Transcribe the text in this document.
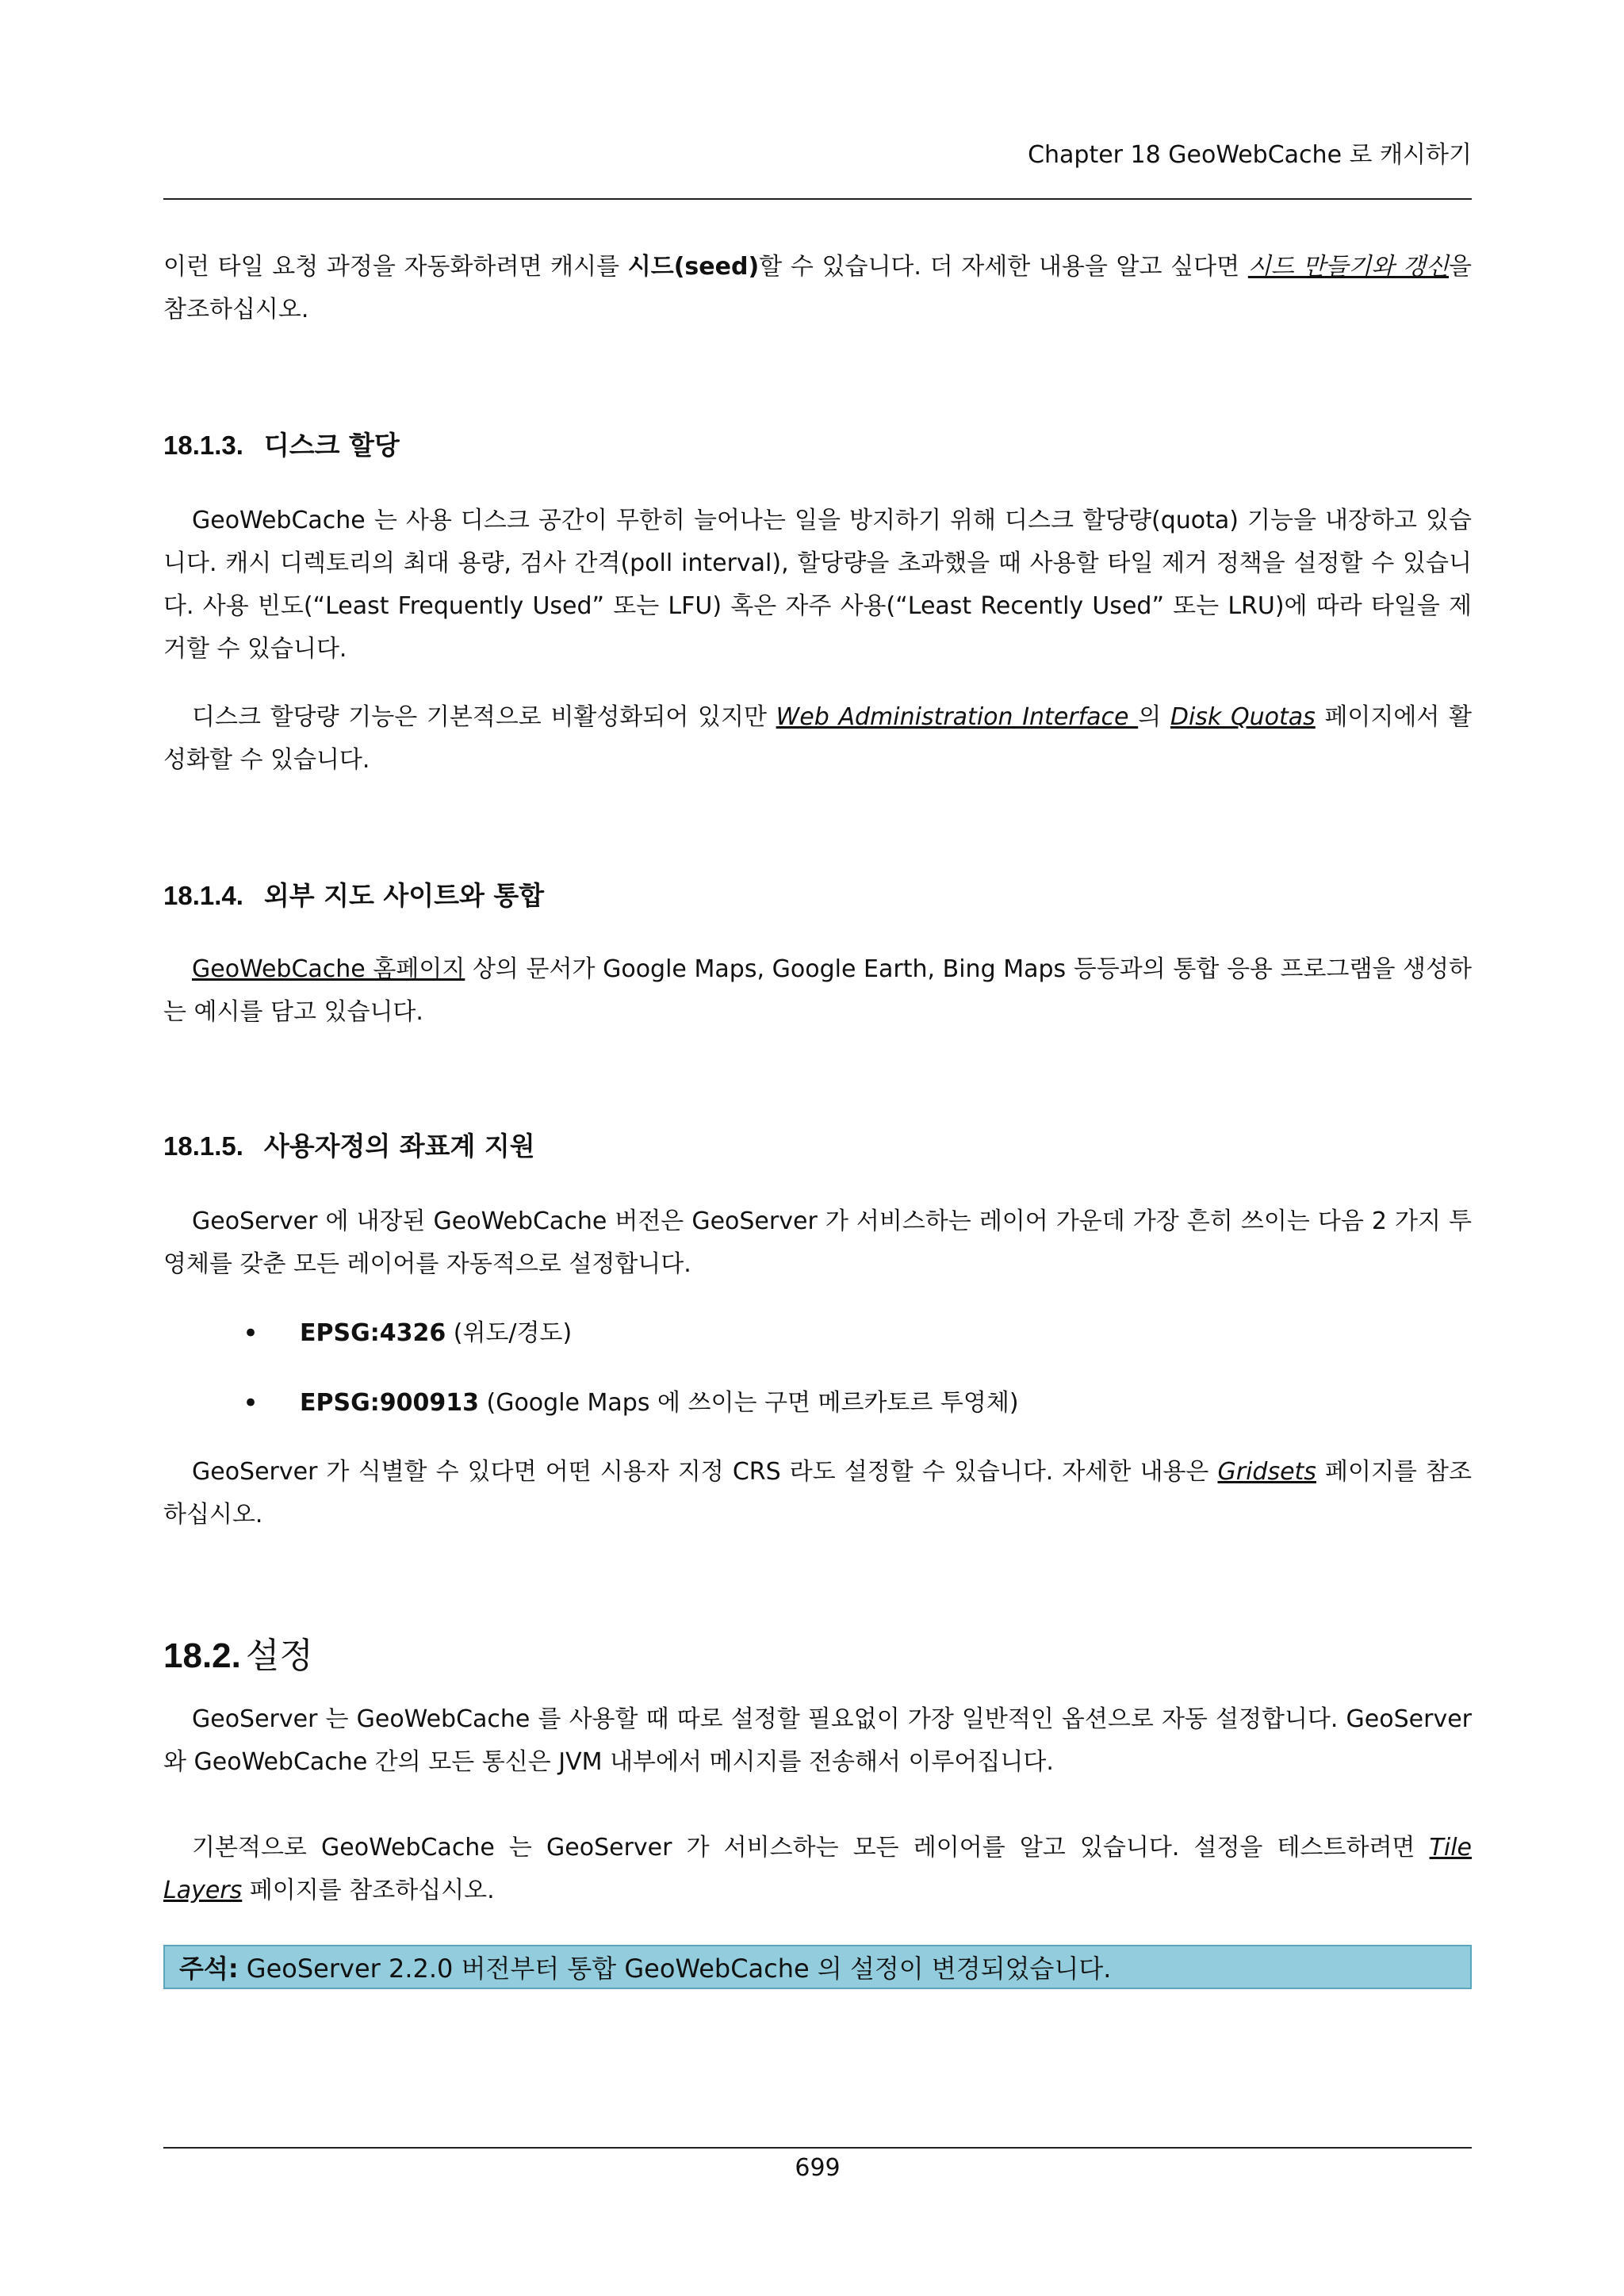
Chapter 18 GeoWebCache 로 캐시하기

이런 타일 요청 과정을 자동화하려면 캐시를 시드(seed)할 수 있습니다. 더 자세한 내용을 알고 싶다면 시드 만들기와 갱신을 참조하십시오.

18.1.3. 디스크 할당

GeoWebCache 는 사용 디스크 공간이 무한히 늘어나는 일을 방지하기 위해 디스크 할당량(quota) 기능을 내장하고 있습니다. 캐시 디렉토리의 최대 용량, 검사 간격(poll interval), 할당량을 초과했을 때 사용할 타일 제거 정책을 설정할 수 있습니다. 사용 빈도(“Least Frequently Used” 또는 LFU) 혹은 자주 사용(“Least Recently Used” 또는 LRU)에 따라 타일을 제거할 수 있습니다.

디스크 할당량 기능은 기본적으로 비활성화되어 있지만 Web Administration Interface 의 Disk Quotas 페이지에서 활성화할 수 있습니다.

18.1.4. 외부 지도 사이트와 통합

GeoWebCache 홈페이지 상의 문서가 Google Maps, Google Earth, Bing Maps 등등과의 통합 응용 프로그램을 생성하는 예시를 담고 있습니다.

18.1.5. 사용자정의 좌표계 지원

GeoServer 에 내장된 GeoWebCache 버전은 GeoServer 가 서비스하는 레이어 가운데 가장 흔히 쓰이는 다음 2 가지 투영체를 갖춘 모든 레이어를 자동적으로 설정합니다.

• EPSG:4326 (위도/경도)
• EPSG:900913 (Google Maps 에 쓰이는 구면 메르카토르 투영체)

GeoServer 가 식별할 수 있다면 어떤 시용자 지정 CRS 라도 설정할 수 있습니다. 자세한 내용은 Gridsets 페이지를 참조하십시오.

18.2. 설정

GeoServer 는 GeoWebCache 를 사용할 때 따로 설정할 필요없이 가장 일반적인 옵션으로 자동 설정합니다. GeoServer 와 GeoWebCache 간의 모든 통신은 JVM 내부에서 메시지를 전송해서 이루어집니다.

기본적으로 GeoWebCache 는 GeoServer 가 서비스하는 모든 레이어를 알고 있습니다. 설정을 테스트하려면 Tile Layers 페이지를 참조하십시오.

주석: GeoServer 2.2.0 버전부터 통합 GeoWebCache 의 설정이 변경되었습니다.
699
